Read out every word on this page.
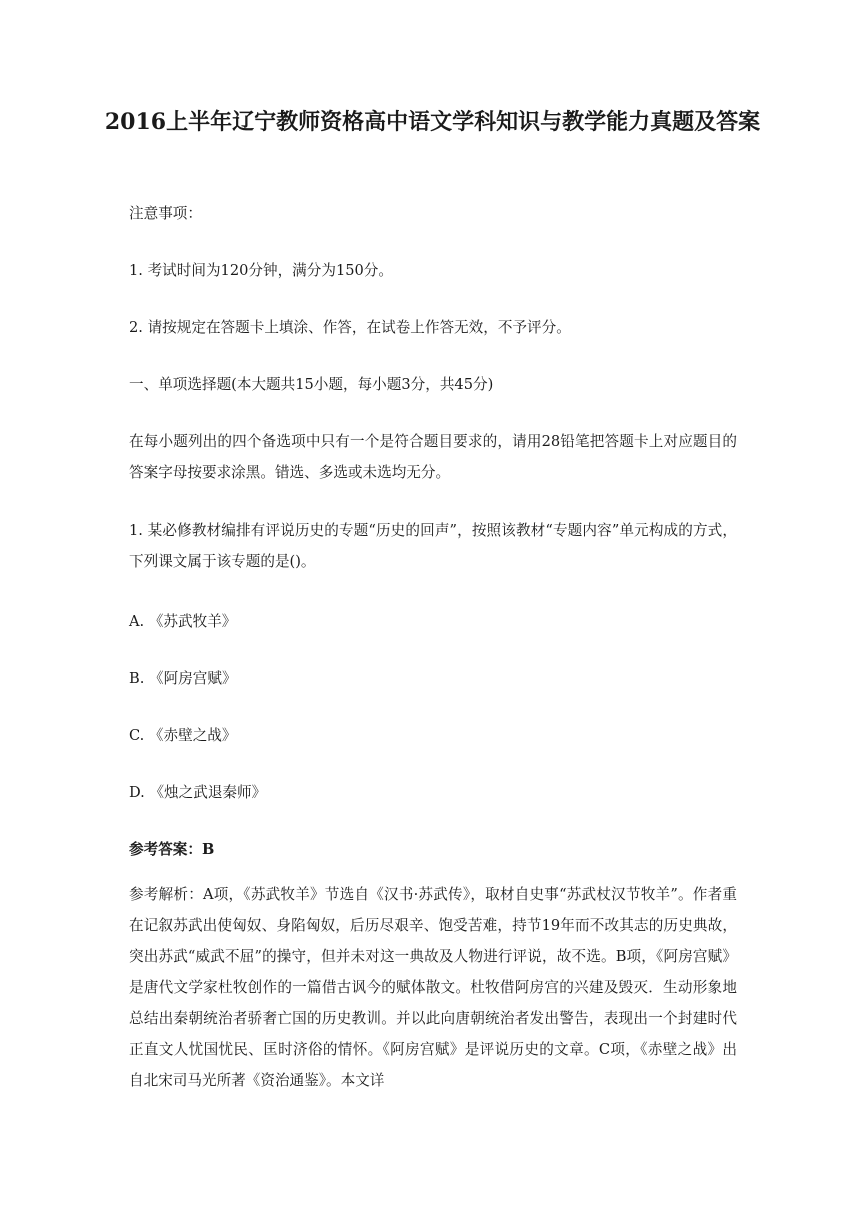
2016上半年辽宁教师资格高中语文学科知识与教学能力真题及答案

注意事项：

1. 考试时间为120分钟，满分为150分。

2. 请按规定在答题卡上填涂、作答，在试卷上作答无效，不予评分。

一、单项选择题(本大题共15小题，每小题3分，共45分)

在每小题列出的四个备选项中只有一个是符合题目要求的，请用28铅笔把答题卡上对应题目的答案字母按要求涂黑。错选、多选或未选均无分。

1. 某必修教材编排有评说历史的专题“历史的回声”，按照该教材“专题内容”单元构成的方式，下列课文属于该专题的是()。

A. 《苏武牧羊》

B. 《阿房宫赋》

C. 《赤壁之战》

D. 《烛之武退秦师》

参考答案：B

参考解析：A项，《苏武牧羊》节选自《汉书·苏武传》，取材自史事“苏武杖汉节牧羊”。作者重在记叙苏武出使匈奴、身陷匈奴，后历尽艰辛、饱受苦难，持节19年而不改其志的历史典故，突出苏武“威武不屈”的操守，但并未对这一典故及人物进行评说，故不选。B项，《阿房宫赋》是唐代文学家杜牧创作的一篇借古讽今的赋体散文。杜牧借阿房宫的兴建及毁灭．生动形象地总结出秦朝统治者骄奢亡国的历史教训。并以此向唐朝统治者发出警告，表现出一个封建时代正直文人忧国忧民、匡时济俗的情怀。《阿房宫赋》是评说历史的文章。C项，《赤壁之战》出自北宋司马光所著《资治通鉴》。本文详
